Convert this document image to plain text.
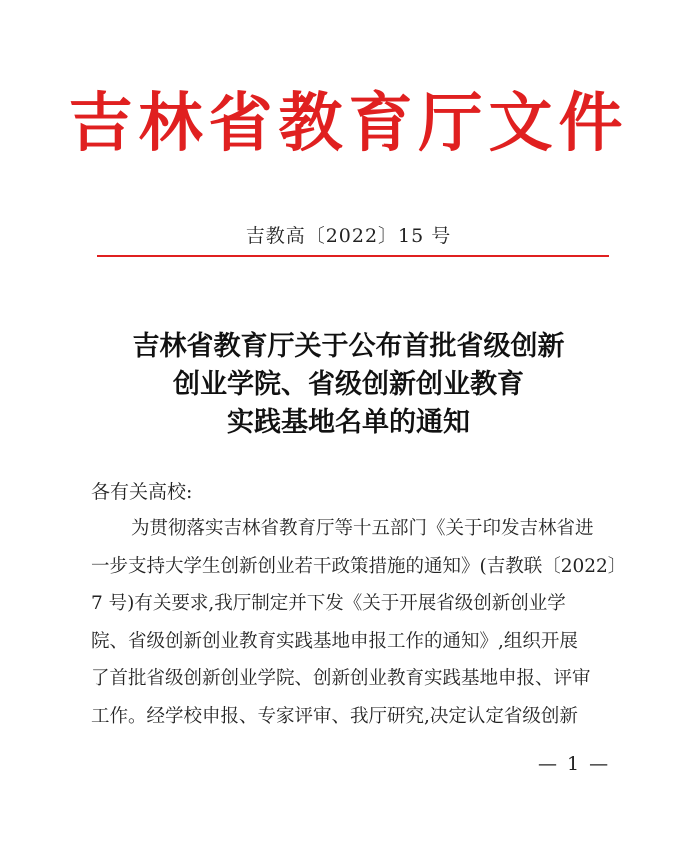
吉林省教育厅文件
吉教高〔2022〕15 号
吉林省教育厅关于公布首批省级创新
创业学院、省级创新创业教育
实践基地名单的通知
各有关高校:
为贯彻落实吉林省教育厅等十五部门《关于印发吉林省进
一步支持大学生创新创业若干政策措施的通知》(吉教联〔2022〕
7 号)有关要求,我厅制定并下发《关于开展省级创新创业学
院、省级创新创业教育实践基地申报工作的通知》,组织开展
了首批省级创新创业学院、创新创业教育实践基地申报、评审
工作。经学校申报、专家评审、我厅研究,决定认定省级创新
— 1 —
